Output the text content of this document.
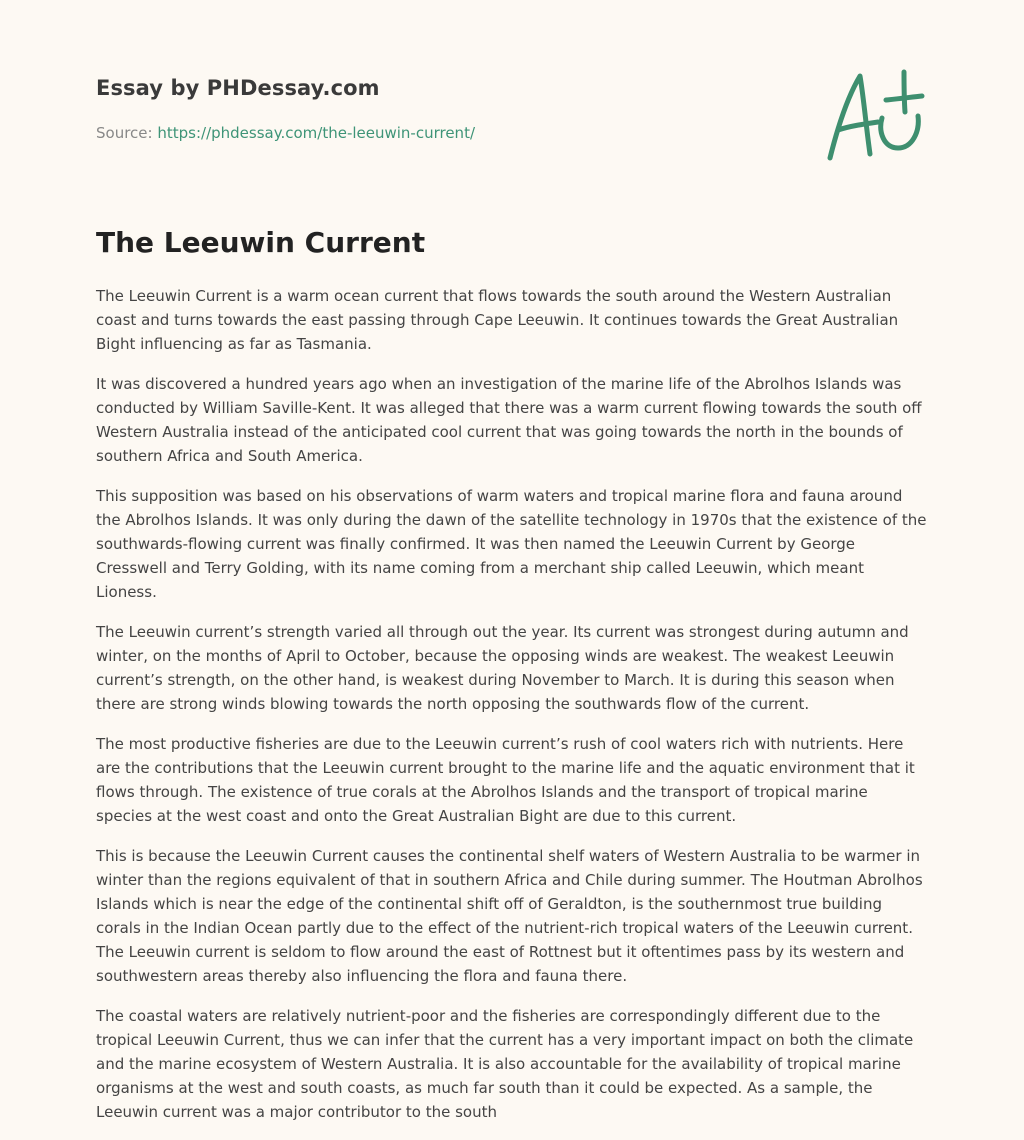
Essay by PHDessay.com
Source: https://phdessay.com/the-leeuwin-current/
The Leeuwin Current

The Leeuwin Current is a warm ocean current that flows towards the south around the Western Australian coast and turns towards the east passing through Cape Leeuwin. It continues towards the Great Australian Bight influencing as far as Tasmania.

It was discovered a hundred years ago when an investigation of the marine life of the Abrolhos Islands was conducted by William Saville-Kent. It was alleged that there was a warm current flowing towards the south off Western Australia instead of the anticipated cool current that was going towards the north in the bounds of southern Africa and South America.

This supposition was based on his observations of warm waters and tropical marine flora and fauna around the Abrolhos Islands. It was only during the dawn of the satellite technology in 1970s that the existence of the southwards-flowing current was finally confirmed. It was then named the Leeuwin Current by George Cresswell and Terry Golding, with its name coming from a merchant ship called Leeuwin, which meant Lioness.

The Leeuwin current’s strength varied all through out the year. Its current was strongest during autumn and winter, on the months of April to October, because the opposing winds are weakest. The weakest Leeuwin current’s strength, on the other hand, is weakest during November to March. It is during this season when there are strong winds blowing towards the north opposing the southwards flow of the current.

The most productive fisheries are due to the Leeuwin current’s rush of cool waters rich with nutrients. Here are the contributions that the Leeuwin current brought to the marine life and the aquatic environment that it flows through. The existence of true corals at the Abrolhos Islands and the transport of tropical marine species at the west coast and onto the Great Australian Bight are due to this current.

This is because the Leeuwin Current causes the continental shelf waters of Western Australia to be warmer in winter than the regions equivalent of that in southern Africa and Chile during summer. The Houtman Abrolhos Islands which is near the edge of the continental shift off of Geraldton, is the southernmost true building corals in the Indian Ocean partly due to the effect of the nutrient-rich tropical waters of the Leeuwin current. The Leeuwin current is seldom to flow around the east of Rottnest but it oftentimes pass by its western and southwestern areas thereby also influencing the flora and fauna there.

The coastal waters are relatively nutrient-poor and the fisheries are correspondingly different due to the tropical Leeuwin Current, thus we can infer that the current has a very important impact on both the climate and the marine ecosystem of Western Australia. It is also accountable for the availability of tropical marine organisms at the west and south coasts, as much far south than it could be expected. As a sample, the Leeuwin current was a major contributor to the south
